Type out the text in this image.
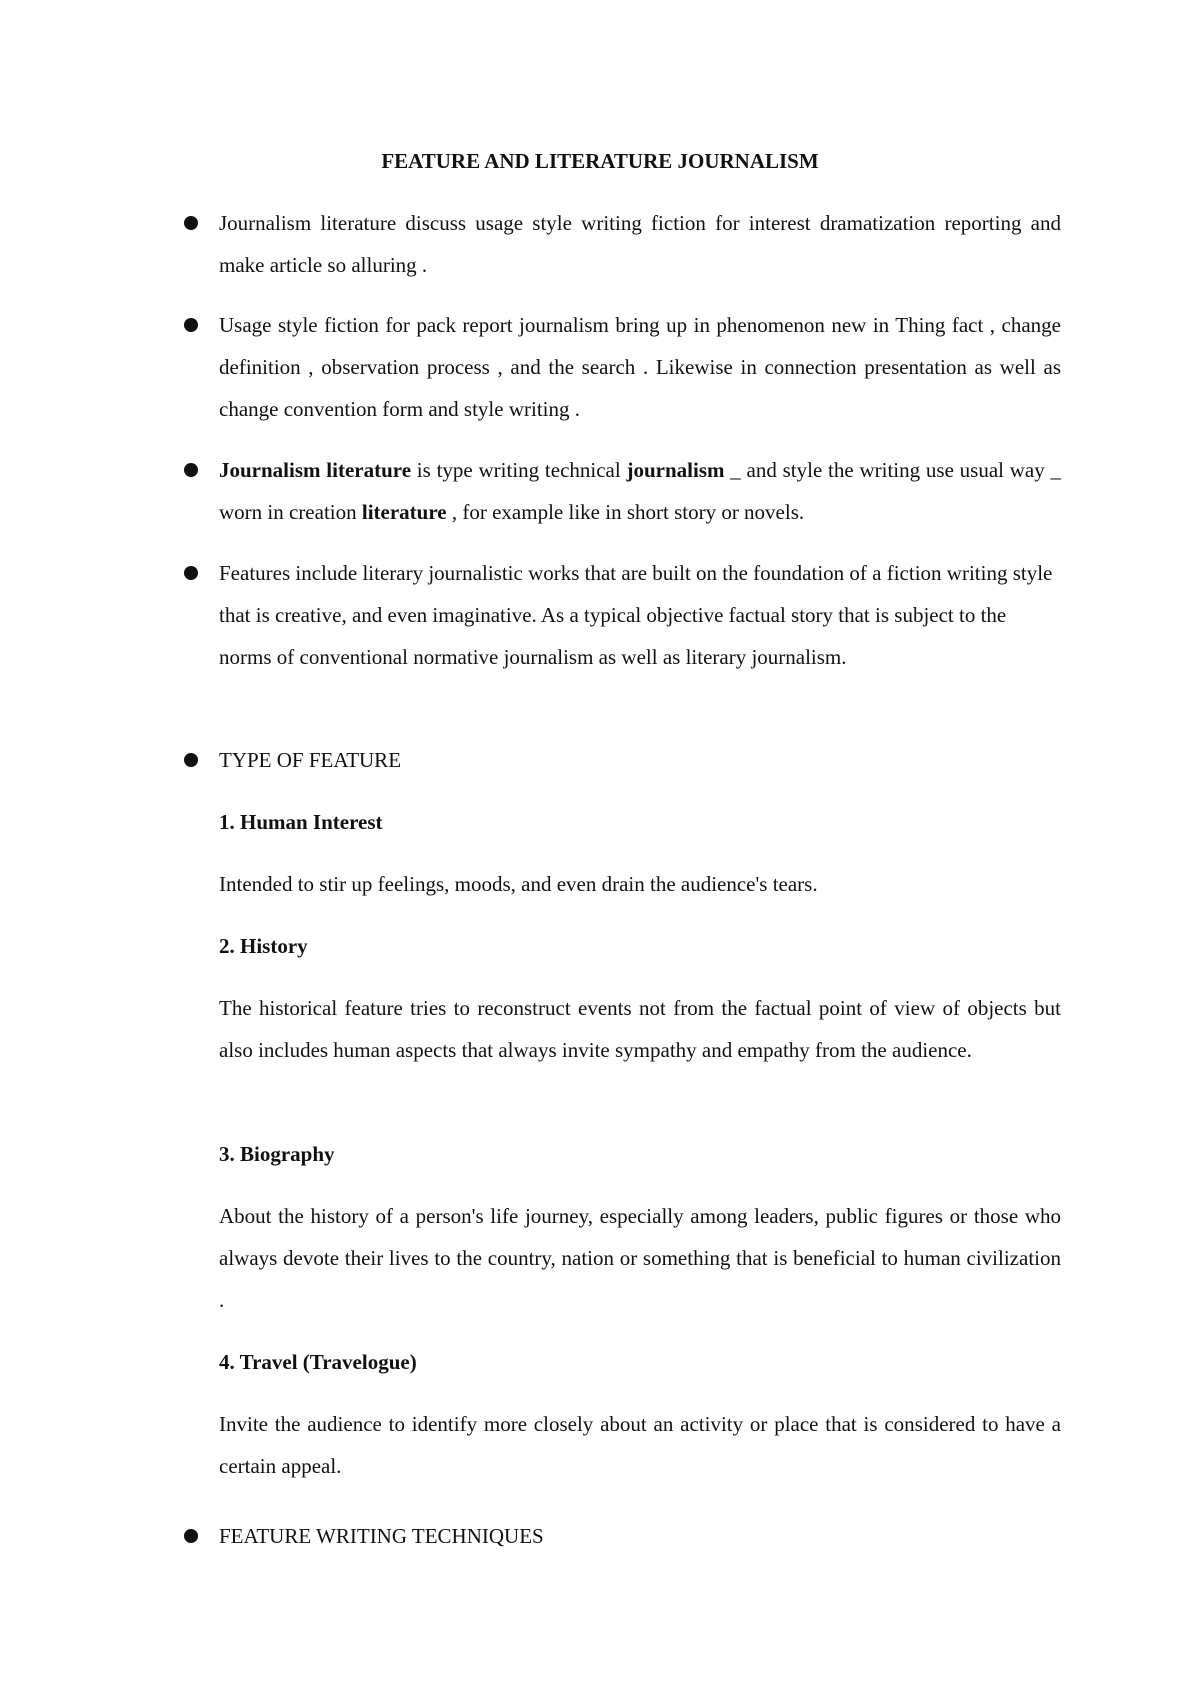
FEATURE AND LITERATURE JOURNALISM

Journalism literature discuss usage style writing fiction for interest dramatization reporting and make article so alluring .

Usage style fiction for pack report journalism bring up in phenomenon new in Thing fact , change definition , observation process , and the search . Likewise in connection presentation as well as change convention form and style writing .

Journalism literature is type writing technical journalism _ and style the writing use usual way _ worn in creation literature , for example like in short story or novels.

Features include literary journalistic works that are built on the foundation of a fiction writing style that is creative, and even imaginative. As a typical objective factual story that is subject to the norms of conventional normative journalism as well as literary journalism.

TYPE OF FEATURE

1. Human Interest

Intended to stir up feelings, moods, and even drain the audience's tears.

2. History

The historical feature tries to reconstruct events not from the factual point of view of objects but also includes human aspects that always invite sympathy and empathy from the audience.

3. Biography

About the history of a person's life journey, especially among leaders, public figures or those who always devote their lives to the country, nation or something that is beneficial to human civilization .

4. Travel (Travelogue)

Invite the audience to identify more closely about an activity or place that is considered to have a certain appeal.

FEATURE WRITING TECHNIQUES
